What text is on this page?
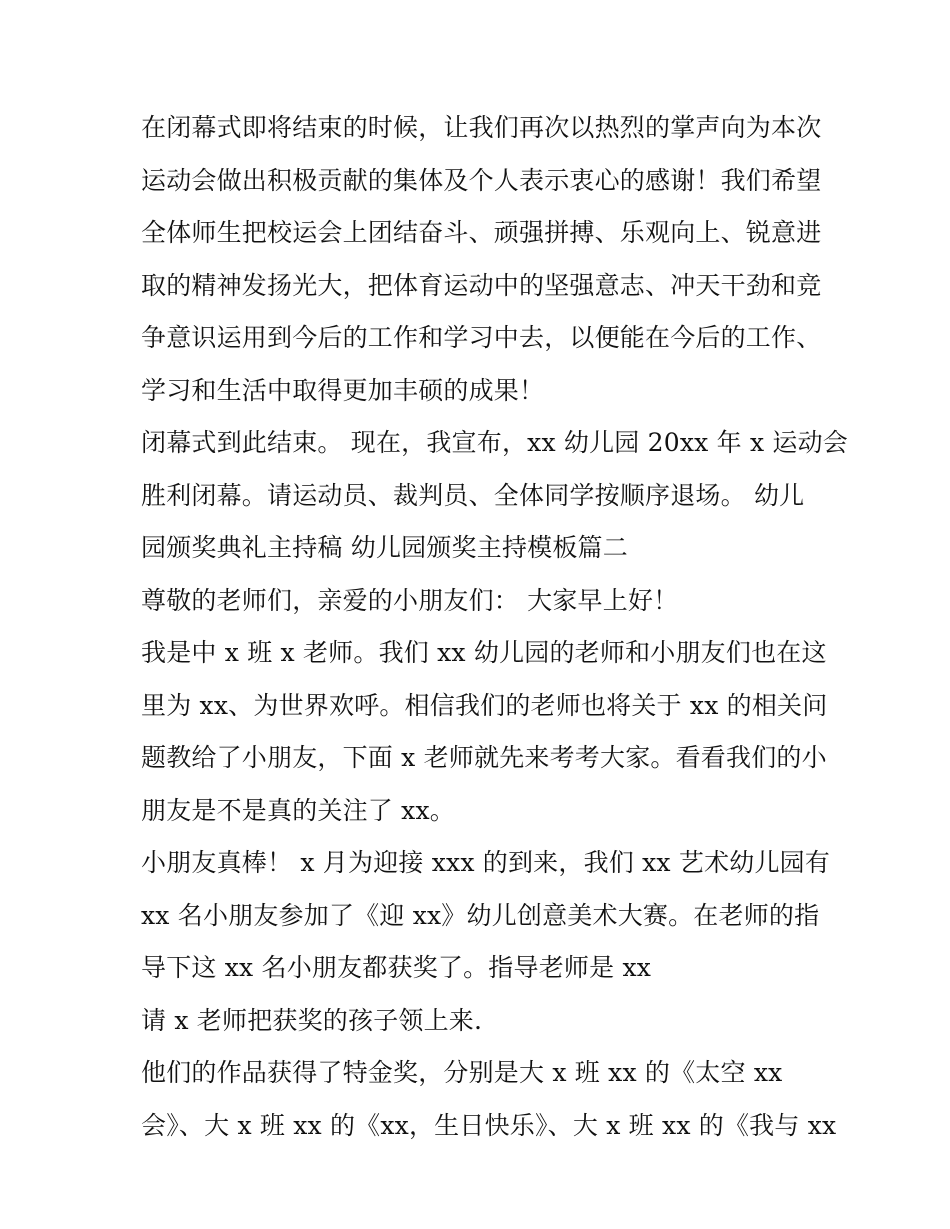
在闭幕式即将结束的时候，让我们再次以热烈的掌声向为本次
运动会做出积极贡献的集体及个人表示衷心的感谢！我们希望
全体师生把校运会上团结奋斗、顽强拼搏、乐观向上、锐意进
取的精神发扬光大，把体育运动中的坚强意志、冲天干劲和竞
争意识运用到今后的工作和学习中去，以便能在今后的工作、
学习和生活中取得更加丰硕的成果！
闭幕式到此结束。 现在，我宣布，xx 幼儿园 20xx 年 x 运动会
胜利闭幕。请运动员、裁判员、全体同学按顺序退场。 幼儿
园颁奖典礼主持稿 幼儿园颁奖主持模板篇二
尊敬的老师们，亲爱的小朋友们： 大家早上好！
我是中 x 班 x 老师。我们 xx 幼儿园的老师和小朋友们也在这
里为 xx、为世界欢呼。相信我们的老师也将关于 xx 的相关问
题教给了小朋友，下面 x 老师就先来考考大家。看看我们的小
朋友是不是真的关注了 xx。
小朋友真棒！ x 月为迎接 xxx 的到来，我们 xx 艺术幼儿园有
xx 名小朋友参加了《迎 xx》幼儿创意美术大赛。在老师的指
导下这 xx 名小朋友都获奖了。指导老师是 xx
请 x 老师把获奖的孩子领上来.
他们的作品获得了特金奖，分别是大 x 班 xx 的《太空 xx
会》、大 x 班 xx 的《xx，生日快乐》、大 x 班 xx 的《我与 xx
